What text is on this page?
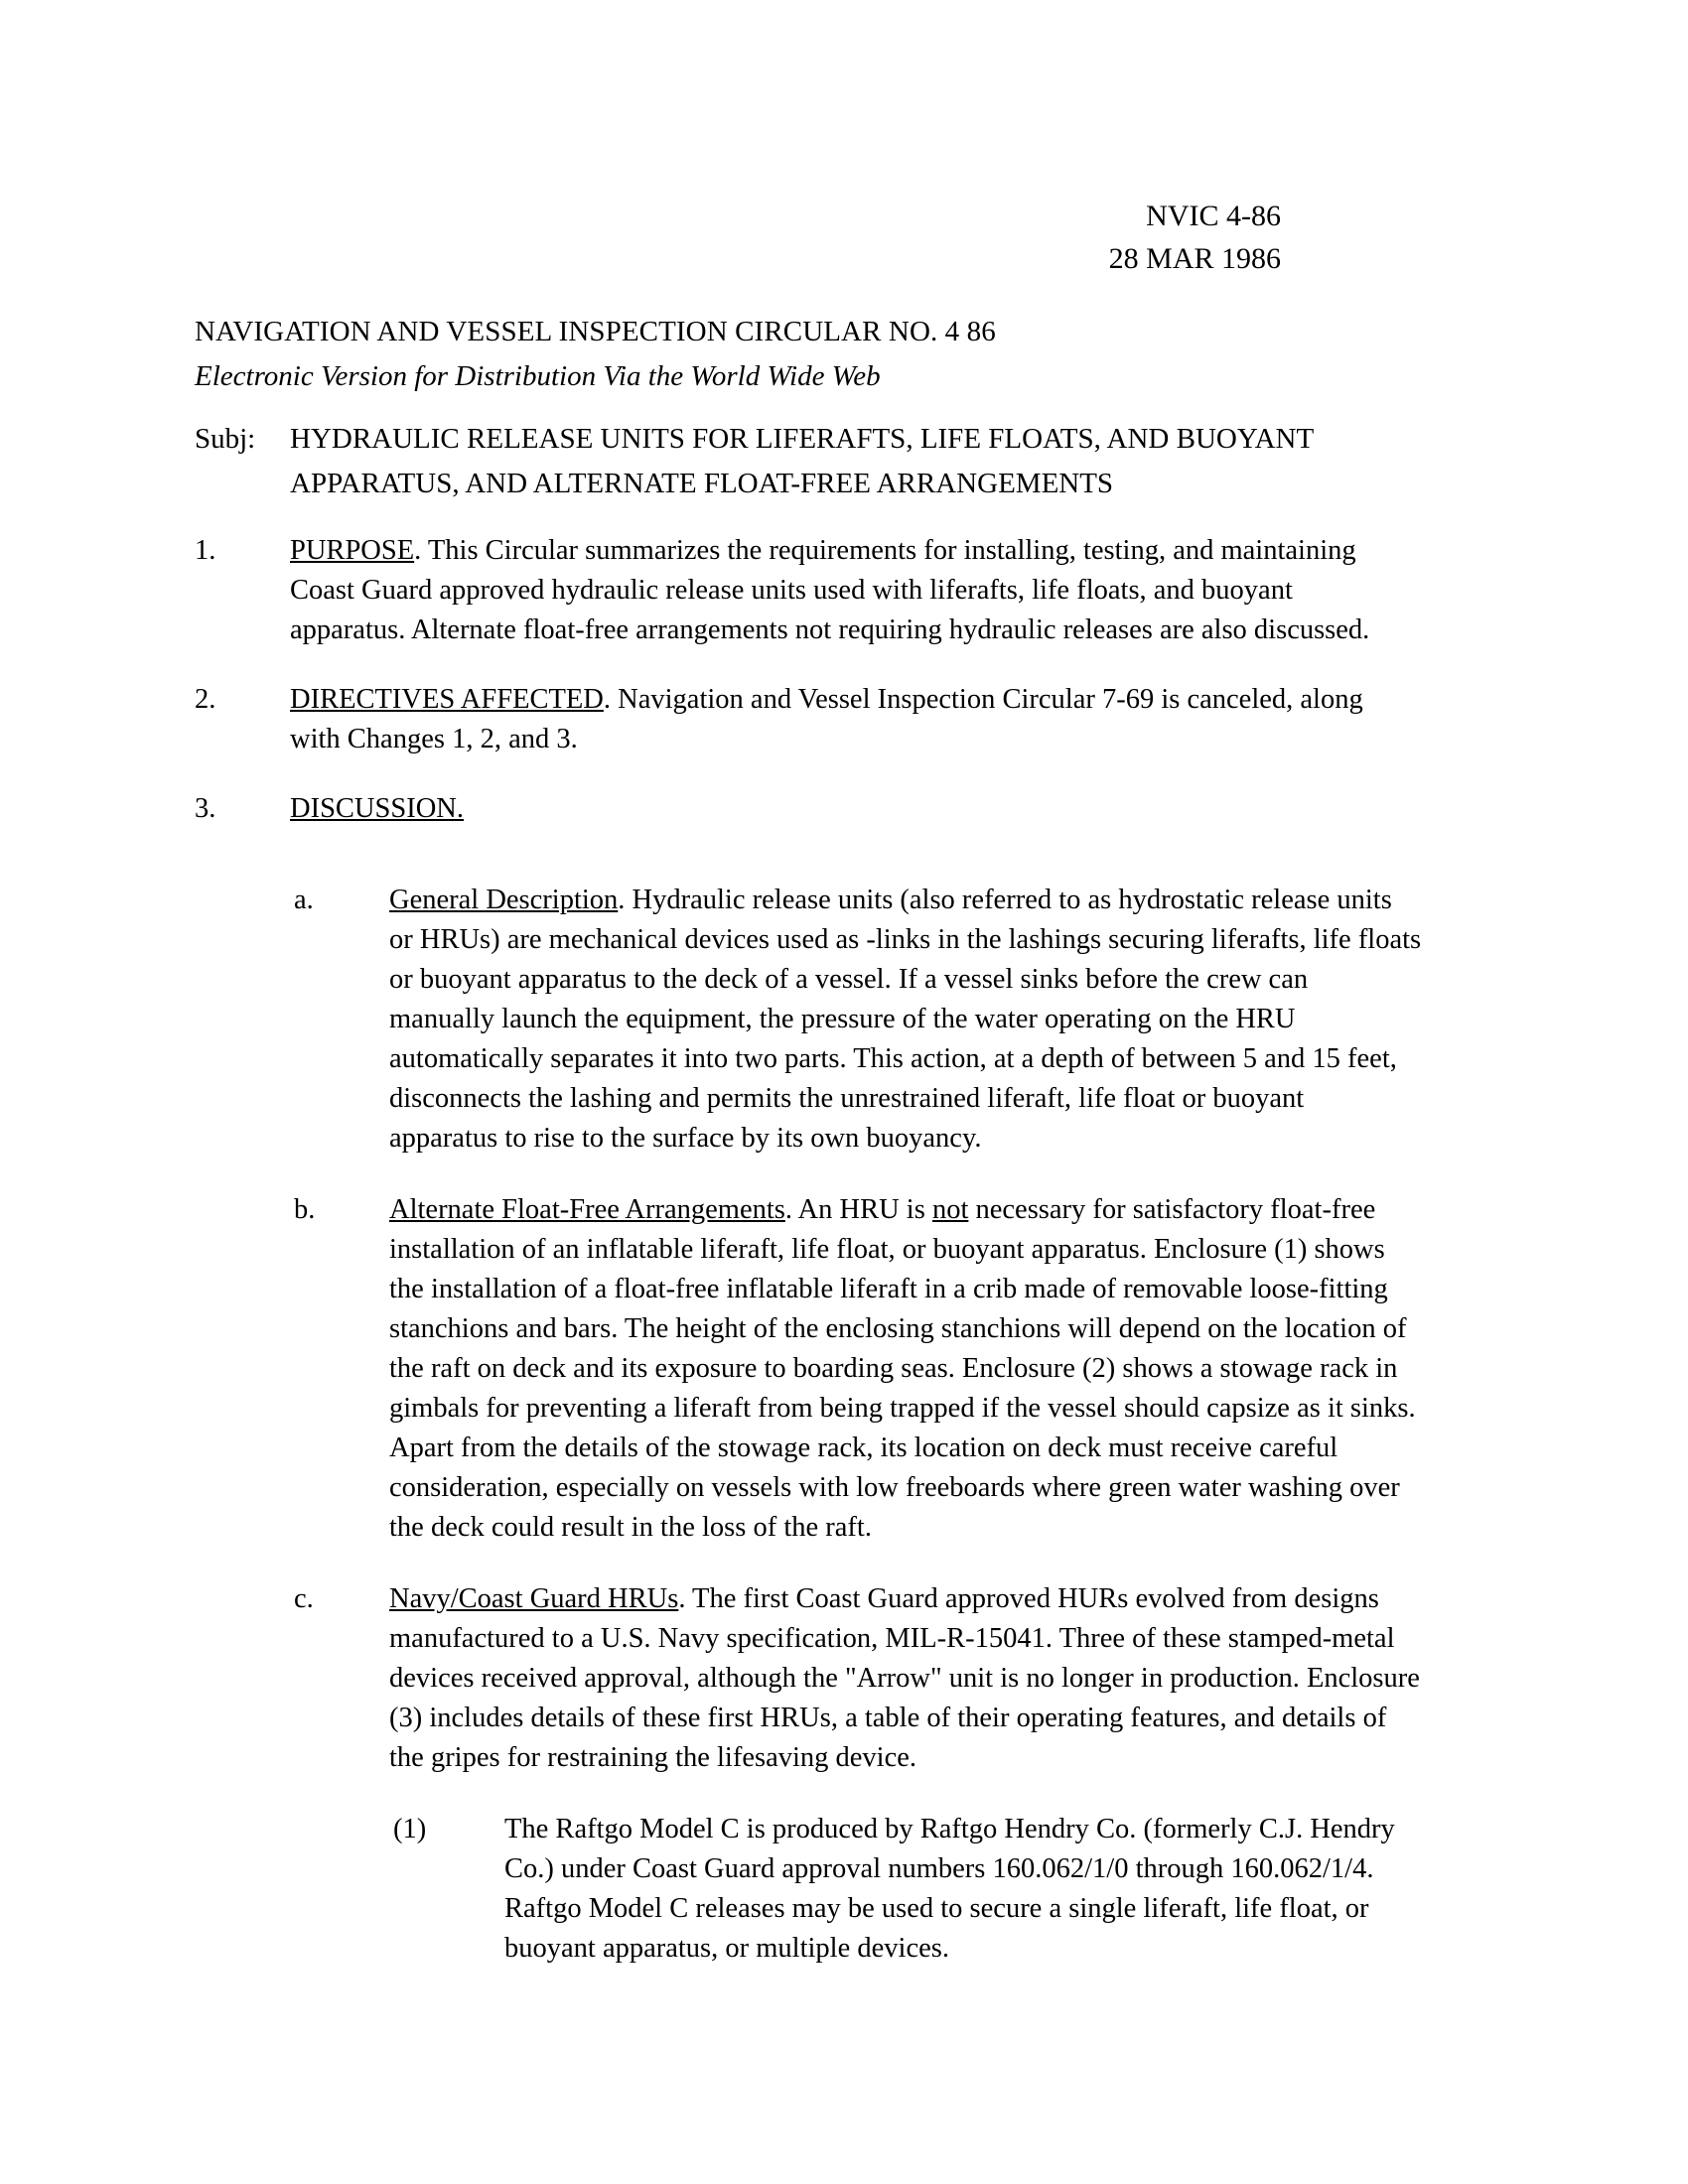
NVIC 4-86
28 MAR 1986
NAVIGATION AND VESSEL INSPECTION CIRCULAR NO. 4 86
Electronic Version for Distribution Via the World Wide Web
Subj:	HYDRAULIC RELEASE UNITS FOR LIFERAFTS, LIFE FLOATS, AND BUOYANT
APPARATUS, AND ALTERNATE FLOAT-FREE ARRANGEMENTS
1.	PURPOSE. This Circular summarizes the requirements for installing, testing, and maintaining
Coast Guard approved hydraulic release units used with liferafts, life floats, and buoyant
apparatus. Alternate float-free arrangements not requiring hydraulic releases are also discussed.
2.	DIRECTIVES AFFECTED. Navigation and Vessel Inspection Circular 7-69 is canceled, along
with Changes 1, 2, and 3.
3.	DISCUSSION.
a.	General Description. Hydraulic release units (also referred to as hydrostatic release units
or HRUs) are mechanical devices used as -links in the lashings securing liferafts, life floats
or buoyant apparatus to the deck of a vessel. If a vessel sinks before the crew can
manually launch the equipment, the pressure of the water operating on the HRU
automatically separates it into two parts. This action, at a depth of between 5 and 15 feet,
disconnects the lashing and permits the unrestrained liferaft, life float or buoyant
apparatus to rise to the surface by its own buoyancy.
b.	Alternate Float-Free Arrangements. An HRU is not necessary for satisfactory float-free
installation of an inflatable liferaft, life float, or buoyant apparatus. Enclosure (1) shows
the installation of a float-free inflatable liferaft in a crib made of removable loose-fitting
stanchions and bars. The height of the enclosing stanchions will depend on the location of
the raft on deck and its exposure to boarding seas. Enclosure (2) shows a stowage rack in
gimbals for preventing a liferaft from being trapped if the vessel should capsize as it sinks.
Apart from the details of the stowage rack, its location on deck must receive careful
consideration, especially on vessels with low freeboards where green water washing over
the deck could result in the loss of the raft.
c.	Navy/Coast Guard HRUs. The first Coast Guard approved HURs evolved from designs
manufactured to a U.S. Navy specification, MIL-R-15041. Three of these stamped-metal
devices received approval, although the "Arrow" unit is no longer in production. Enclosure
(3) includes details of these first HRUs, a table of their operating features, and details of
the gripes for restraining the lifesaving device.
(1)	The Raftgo Model C is produced by Raftgo Hendry Co. (formerly C.J. Hendry
Co.) under Coast Guard approval numbers 160.062/1/0 through 160.062/1/4.
Raftgo Model C releases may be used to secure a single liferaft, life float, or
buoyant apparatus, or multiple devices.
